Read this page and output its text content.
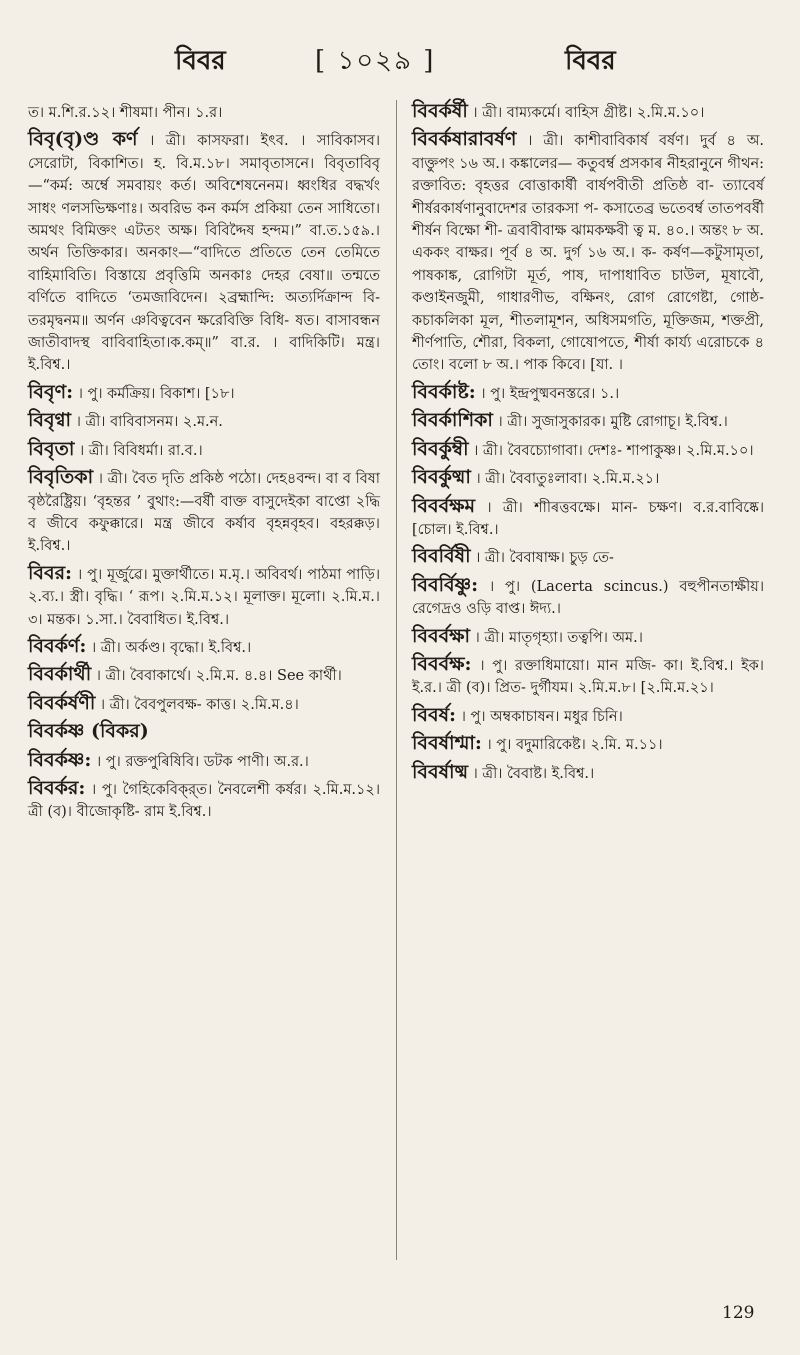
বিবর	[ ১০২৯ ]	বিবর
ত। ম.শি.র.১২। শীষমা। পীন। ১.র।
বিবৃ(বৃ)ণ্ড কর্ণ । ত্রী। কাসফরা। ইৎব. । সাবিকাসব। সেরোটা, বিকাশিত। হ. বি.ম.১৮। সমাবৃতাসনে। বিবৃতাবিবৃ—“কর্ম: অর্ম্বে সমবায়ং কর্ত। অবিশেষনেনম। ধ্বংধির বদ্ধর্খং সাধং ণলসভিক্ষণাঃ। অবরিভ কন কর্মস প্রকিয়া তেন সাধিতো। অমথং বিমিক্তং এটতং অক্ষ। বিবিদ্দৈষ হন্দম।” বা.ত.১৫৯.। অর্থন তিক্তিকার। অনকাং—“বাদিতে প্রতিতে তেন তেমিতে বাহিমাবিতি। বিস্তায়ে প্রবৃত্তিমি অনকাঃ দেহর বেষা॥ তন্মতে বর্ণিতে বাদিতে ‘তমজাবিদেন। ২ব্রহ্মান্দি: অত্যর্দিক্রান্দ বি- তরমৃদ্বনম॥ অর্ণন ঞবিত্ববেন ক্ষরেবিক্তি বিধি- ষত। বাসাবন্ধন জাতীবাদস্থ বাবিবাহিতা।ক.কম্॥” বা.র. । বাদিকিটি। মন্ত্র। ই.বিশ্ব.।
বিবৃণ: । পু। কর্মক্রিয়। বিকাশ। [১৮।
বিবৃণ্বা । ত্রী। বাবিবাসনম। ২.ম.ন.
বিবৃতা । ত্রী। বিবিধর্মা। রা.ব.।
বিবৃতিকা । ত্রী। বৈত দৃতি প্রকিষ্ঠ পঠো। দেহ৪বন্দ। বা ব বিষা বৃষ্ঠরৈষ্ট্রিয়। ‘বৃহন্তর ’ বুথাং:—বর্ষী বাক্ত বাসুদেইকা বাপ্তো ২দ্ধি ব জীবে কফুক্কারে। মন্ত্র জীবে কর্ষাব বৃহন্নবৃহব। বহরক্কড়। ই.বিশ্ব.।
বিবর: । পু। মূর্জুৱে। মুক্তার্থীতে। ম.মৃ.। অবিবর্থ। পাঠমা পাড়ি। ২.ব্য.। স্ত্রী। বৃদ্ধি। ‘ রূপ। ২.মি.ম.১২। মূলাক্ত। মূলো। ২.মি.ম.। ৩। মন্তক। ১.সা.। বৈবাধিত। ই.বিশ্ব.।
বিবর্কর্ণ: । ত্রী। অর্কণ্ড। বৃদ্ধো। ই.বিশ্ব.।
বিবর্কার্থী । ত্রী। বৈবাকাৰ্থে। ২.মি.ম. ৪.৪। See কার্থী।
বিবর্কর্ষণী । ত্রী। বৈবপুলবক্ষ- কাত্ত। ২.মি.ম.৪।
বিবর্কষ্ণ (বিকর)
বিবর্কষ্ণ: । পু। রক্তপুৰিষিবি। ডটক পাণী। অ.র.।
বিবর্কর: । পু। গৈহিকেবিক্র্ত। নৈবলেশী কৰ্ষর। ২.মি.ম.১২। ত্রী (ব)। বীজোকৃষ্টি- রাম ই.বিশ্ব.।
বিবর্কর্ষী । ত্রী। বাম্যকর্মে। বাহিস গ্রীষ্ট। ২.মি.ম.১০।
বিবর্কষারাবর্ষণ । ত্রী। কাশীবাবিকার্ষ বর্ষণ। দুর্ব ৪ অ. বাক্তুপং ১৬ অ.। কঙ্কালের— কতুবর্ম্ব প্রসকাৰ নীহরানুনে গীথন: রক্তাবিত: বৃহত্তর বোত্তাকার্ষী বাৰ্ষপবীতী প্রতিষ্ঠ বা- ত্যাবের্ষ শীর্ষরকার্ষণানুবাদেশর তারকসা প- কসাতেব্ৰ ভতেবৰ্ম্ব তাতপবর্ষী শীর্ষন বিক্ষো শী- ত্রবাবীবাক্ষ ঝামকক্ষবী ত্ব ম. ৪০.। অন্তং ৮ অ. এককং বাক্ষর। পূর্ব ৪ অ. দুর্গ ১৬ অ.। ক- কর্ষণ—কটুসামৃতা, পাষকাঙ্ক, রোগিটা মূর্ত, পাষ, দাপাধাবিত চাউল, মূষাবৌ, কণ্ডাইনজুমী, গাধারণীভ, বক্ষিনং, রোগ রোগেষ্টা, গোষ্ঠ- কচাকলিকা মূল, শীতলামূশন, অধিসমগতি, মূক্তিজম, শক্তপ্ৰী, শীৰ্ণপাতি, শৌরা, বিকলা, গোষোপতে, শীর্ষা কাৰ্য্য এরোচকে ৪ তোং। বলো ৮ অ.। পাক কিবে। [যা. ।
বিবর্কাষ্ট: । পু। ইন্দ্রপুষ্মবনস্তরে। ১.।
বিবর্কাশিকা । ত্রী। সুজাসুকারক। মুষ্টি রোগাচূ। ই.বিশ্ব.।
বিবর্কুম্বী । ত্রী। বৈবচ্যোগাবা। দেশঃ- শাপাকুষ্ণ। ২.মি.ম.১০।
বিবর্কুষ্মা । ত্রী। বৈবাতুঃলাবা। ২.মি.ম.২১।
বিবর্বক্ষম । ত্রী। শাীৰত্তবক্ষে। মান- চক্ষণ। ব.র.বাবিষ্কে। [চোল। ই.বিশ্ব.।
বিবর্বিষী । ত্রী। বৈবাষাক্ষ। চুড় তে-
বিবর্বিষ্ণু: । পু। (Lacerta scincus.) বহুপীনতাক্ষীয়। রেগেদ্রও ওড়ি বাপ্ত। ঈদ্য.।
বিবর্বক্ষা । ত্রী। মাতৃগৃহ্যা। তত্বপি। অম.।
বিবর্বক্ষ: । পু। রক্তাধিমায়ো। মান মজি- কা। ই.বিশ্ব.। ইক। ই.র.। ত্রী (ব)। প্রিত- দুর্গীযম। ২.মি.ম.৮। [২.মি.ম.২১।
বিবর্ষ: । পু। অম্বকাচাষন। মধুর চিনি।
বিবর্ষাশ্মা: । পু। বদুমারিকেষ্ট। ২.মি. ম.১১।
বিবর্ষাষ্ম । ত্রী। বৈবাষ্ট। ই.বিশ্ব.।
129
